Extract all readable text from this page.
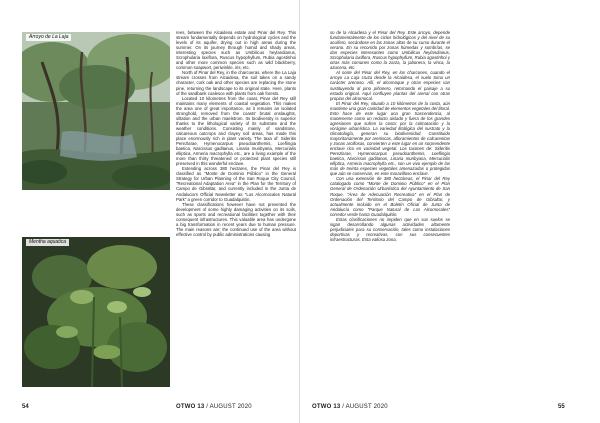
Arroyo de La Laja
Mentha aquatica

rees, between the Alcaidesa estate and Pinar del Rey. This stream fundamentally depends on hydrological cycles and the levels of its aquifer, drying out in high areas during the summer. On its journey through humid and shady areas, interesting species such as Umbilicus heylandianus, Scrophularia laxiflora, Ruscus hypophyllum, Rubia agostinhoi and other more common species such as wild blackberry, common soapwort, periwinkle, iris, etc.

North of Pinar del Rey, in the charcoeras, where the La Laja stream crosses from Alcaidesa, the soil takes on a sandy character, cork oak and other species are replacing the stone pine, returning the landscape to its original state. Here, plants of the sandbank coalesce with plants from oak forests.

Located 10 kilometres from the coast, Pinar del Rey still maintains many elements of coastal vegetation. This makes the area one of great importance, as it remains an isolated stronghold, removed from the coasts' brutal onslaughts, siltation and the urban maelstrom. Its biodiversity is superior thanks to the lithological variety of its substrate and the weather conditions. Consisting mainly of sandstone, calcareous outcrops and clayey soil areas, has made this place enormously rich in plant variety. The taxa of: Sideritis Perezlarae, Hymenocarpus pseudoanthemis, Loeflingia baetica, Narcissus gaditanus, Linaria munbyana, Mercurialis elliptica, Armeria macrophylla etc., are a living example of the more than thirty threatened or protected plant species still preserved in this wonderful enclave.

Extending across 380 hectares, the Pinar del Rey is classified as "Monte de Dominio Público" in the General Strategy for Urban Planning of the San Roque City Council, "Recreational Adaptation Area" in the Plan for the Territory of Campo de Gibraltar, and currently included in the Junta de Andalucia's Official Newsletter as "Los Alcornocales Natural Park" a green corridor to Guadalquitón.

These classifications however have not prevented the development of some highly damaging activities on its soils, such as sports and recreational facilities together with their consequent infrastructures. This valuable area has undergone a big transformation in recent years due to human pressure. The main reasons are; the continued use of the area without effective control by public administrations causing

54	OTWO 13 / AUGUST 2020

so de la Alcaidesa y el Pinar del Rey. Este arroyo, depende fundamentalmente de los ciclos hidrológicos y del nivel de su acuífero, secándose en las zonas altas de su curso durante el verano. En su recorrido por zonas húmedas y sombrías, se dan especies interesantes como Umbilicus heylandianus, Scrophularia laxiflora, Ruscus hypophyllum, Rubia agostinhoi y otras más comunes como la zarza, la jabonera, la vinca, la azucena, etc.

Al norte del Pinar del Rey, en los charcones, cuando el arroyo La Laja cruza desde la Alcaidesa, el suelo toma un carácter arenoso. Allí, el alcornoque y otras especies van sustituyendo al pino piñonero, retornando el paisaje a su estado original. Aquí confluyen plantas del arenal con otras propias del alcornocal.

El Pinar del Rey, situado a 10 kilómetros de la costa, aún mantiene una gran cantidad de elementos vegetales del litoral. Esto hace de este lugar una gran trascendencia, al mantenerse como un reducto aislado y fuera de los grandes agresiones que sufren la costa: por la colmatación y la vorágine urbanística. La variedad litológica del sustrato y la climatología, generan su biodiversidad. Constituido mayoritariamente por areniscas, afloramientos de calcarenitas y zonas arcillosas, convierten a este lugar en un sorprendente enclave rico en variedad vegetal. Los taxones de: Sideritis Perezlarae, Hymenocarpus pseudoanthemis, Loeflingia baetica, Narcissus gaditanus, Linaria munbyana, Mercurialis elliptica, Armeria macrophylla etc., son un vivo ejemplo de las más de treinta especies vegetales amenazadas o protegidas que aún se conservan, en este maravilloso enclave.

Con una extensión de 380 hectáreas, el Pinar del Rey catalogado como "Monte de Dominio Público" en el Plan General de Ordenación Urbanística del Ayuntamiento de San Roque, "Área de Adecuación Recreativa" en el Plan de Ordenación del Territorio del Campo de Gibraltar, y actualmente incluido en el Boletín Oficial de Junta de Andalucía como "Parque Natural de Los Alcornocales" corredor verde hasta Guadalquitón.

Estas clasificaciones no impiden que en sus suelos se sigan desarrollando algunas actividades altamente perjudiciales para su conservación, tales como instalaciones deportivas y recreativas, con sus consecuentes infraestructuras. Esta valiosa zona,

OTWO 13 / AUGUST 2020	55
